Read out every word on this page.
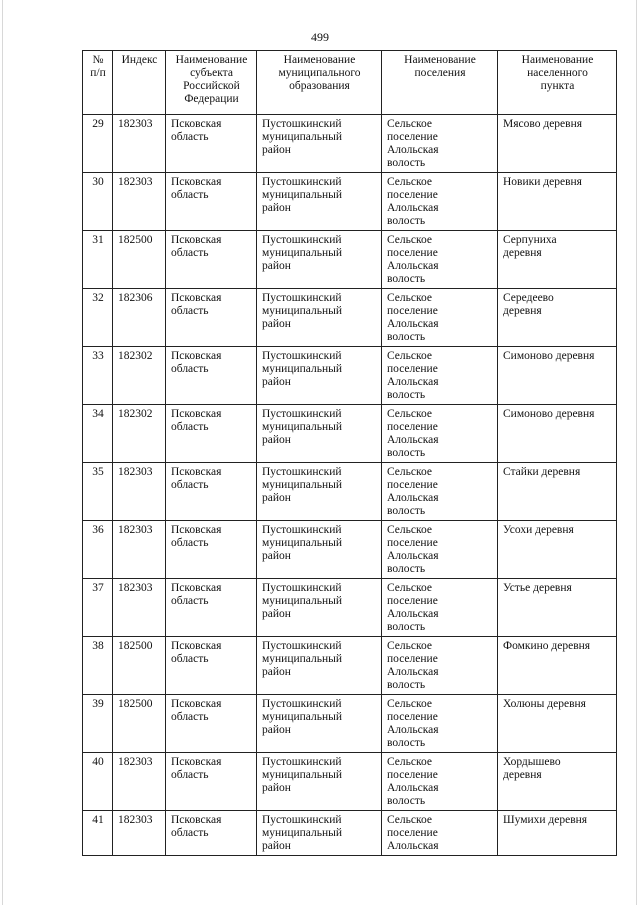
499
№
п/п	Индекс	Наименование
субъекта
Российской
Федерации	Наименование
муниципального
образования	Наименование
поселения	Наименование
населенного
пункта

29	182303	Псковская
область	Пустошкинский
муниципальный
район	Сельское
поселение
Алольская
волость	Мясово деревня

30	182303	Псковская
область	Пустошкинский
муниципальный
район	Сельское
поселение
Алольская
волость	Новики деревня

31	182500	Псковская
область	Пустошкинский
муниципальный
район	Сельское
поселение
Алольская
волость	Серпуниха
деревня

32	182306	Псковская
область	Пустошкинский
муниципальный
район	Сельское
поселение
Алольская
волость	Середеево
деревня

33	182302	Псковская
область	Пустошкинский
муниципальный
район	Сельское
поселение
Алольская
волость	Симоново деревня

34	182302	Псковская
область	Пустошкинский
муниципальный
район	Сельское
поселение
Алольская
волость	Симоново деревня

35	182303	Псковская
область	Пустошкинский
муниципальный
район	Сельское
поселение
Алольская
волость	Стайки деревня

36	182303	Псковская
область	Пустошкинский
муниципальный
район	Сельское
поселение
Алольская
волость	Усохи деревня

37	182303	Псковская
область	Пустошкинский
муниципальный
район	Сельское
поселение
Алольская
волость	Устье деревня

38	182500	Псковская
область	Пустошкинский
муниципальный
район	Сельское
поселение
Алольская
волость	Фомкино деревня

39	182500	Псковская
область	Пустошкинский
муниципальный
район	Сельское
поселение
Алольская
волость	Холюны деревня

40	182303	Псковская
область	Пустошкинский
муниципальный
район	Сельское
поселение
Алольская
волость	Хордышево
деревня

41	182303	Псковская
область	Пустошкинский
муниципальный
район	Сельское
поселение
Алольская	Шумихи деревня
